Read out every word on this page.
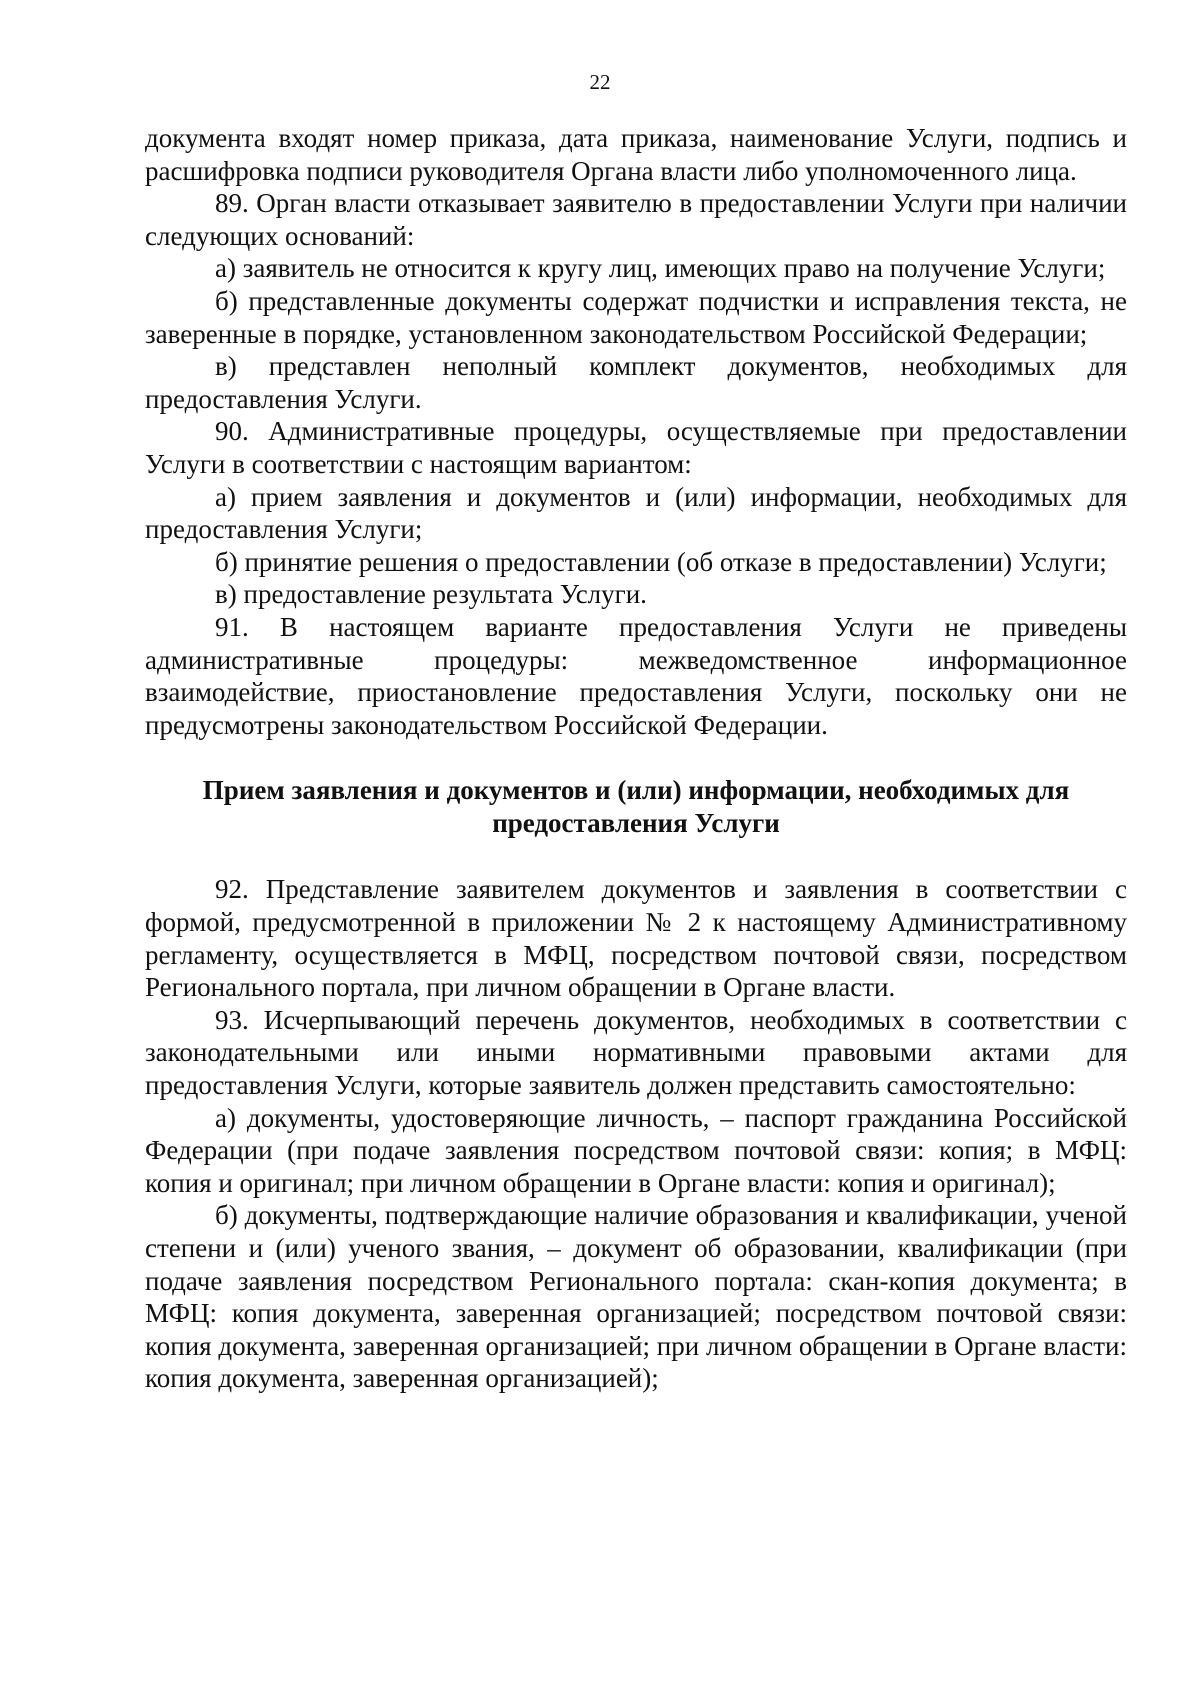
22

документа входят номер приказа, дата приказа, наименование Услуги, подпись и расшифровка подписи руководителя Органа власти либо уполномоченного лица.

89. Орган власти отказывает заявителю в предоставлении Услуги при наличии следующих оснований:

а) заявитель не относится к кругу лиц, имеющих право на получение Услуги;

б) представленные документы содержат подчистки и исправления текста, не заверенные в порядке, установленном законодательством Российской Федерации;

в) представлен неполный комплект документов, необходимых для предоставления Услуги.

90. Административные процедуры, осуществляемые при предоставлении Услуги в соответствии с настоящим вариантом:

а) прием заявления и документов и (или) информации, необходимых для предоставления Услуги;

б) принятие решения о предоставлении (об отказе в предоставлении) Услуги;

в) предоставление результата Услуги.

91. В настоящем варианте предоставления Услуги не приведены административные процедуры: межведомственное информационное взаимодействие, приостановление предоставления Услуги, поскольку они не предусмотрены законодательством Российской Федерации.

Прием заявления и документов и (или) информации, необходимых для
предоставления Услуги

92. Представление заявителем документов и заявления в соответствии с формой, предусмотренной в приложении № 2 к настоящему Административному регламенту, осуществляется в МФЦ, посредством почтовой связи, посредством Регионального портала, при личном обращении в Органе власти.

93. Исчерпывающий перечень документов, необходимых в соответствии с законодательными или иными нормативными правовыми актами для предоставления Услуги, которые заявитель должен представить самостоятельно:

а) документы, удостоверяющие личность, – паспорт гражданина Российской Федерации (при подаче заявления посредством почтовой связи: копия; в МФЦ: копия и оригинал; при личном обращении в Органе власти: копия и оригинал);

б) документы, подтверждающие наличие образования и квалификации, ученой степени и (или) ученого звания, – документ об образовании, квалификации (при подаче заявления посредством Регионального портала: скан-копия документа; в МФЦ: копия документа, заверенная организацией; посредством почтовой связи: копия документа, заверенная организацией; при личном обращении в Органе власти: копия документа, заверенная организацией);
